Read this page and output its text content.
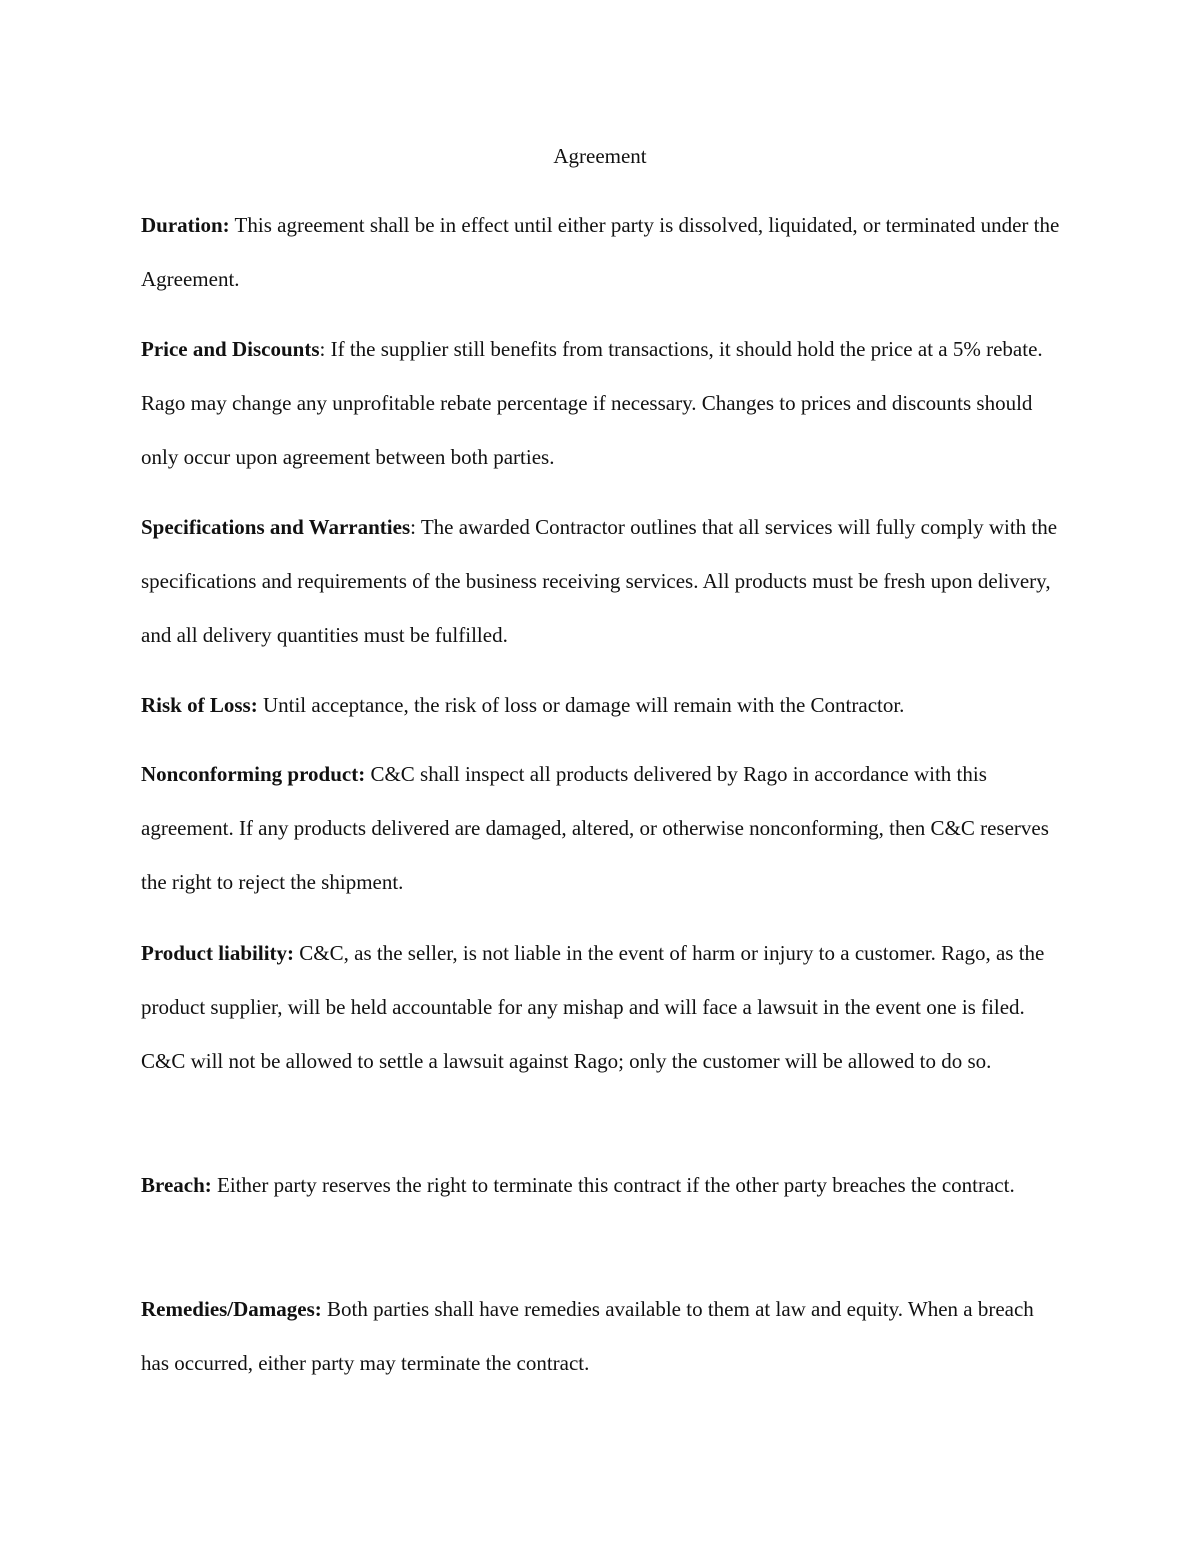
Agreement

Duration: This agreement shall be in effect until either party is dissolved, liquidated, or terminated under the Agreement.

Price and Discounts: If the supplier still benefits from transactions, it should hold the price at a 5% rebate. Rago may change any unprofitable rebate percentage if necessary. Changes to prices and discounts should only occur upon agreement between both parties.

Specifications and Warranties: The awarded Contractor outlines that all services will fully comply with the specifications and requirements of the business receiving services. All products must be fresh upon delivery, and all delivery quantities must be fulfilled.

Risk of Loss: Until acceptance, the risk of loss or damage will remain with the Contractor.

Nonconforming product: C&C shall inspect all products delivered by Rago in accordance with this agreement. If any products delivered are damaged, altered, or otherwise nonconforming, then C&C reserves the right to reject the shipment.

Product liability: C&C, as the seller, is not liable in the event of harm or injury to a customer. Rago, as the product supplier, will be held accountable for any mishap and will face a lawsuit in the event one is filed. C&C will not be allowed to settle a lawsuit against Rago; only the customer will be allowed to do so.

Breach: Either party reserves the right to terminate this contract if the other party breaches the contract.

Remedies/Damages: Both parties shall have remedies available to them at law and equity. When a breach has occurred, either party may terminate the contract.
